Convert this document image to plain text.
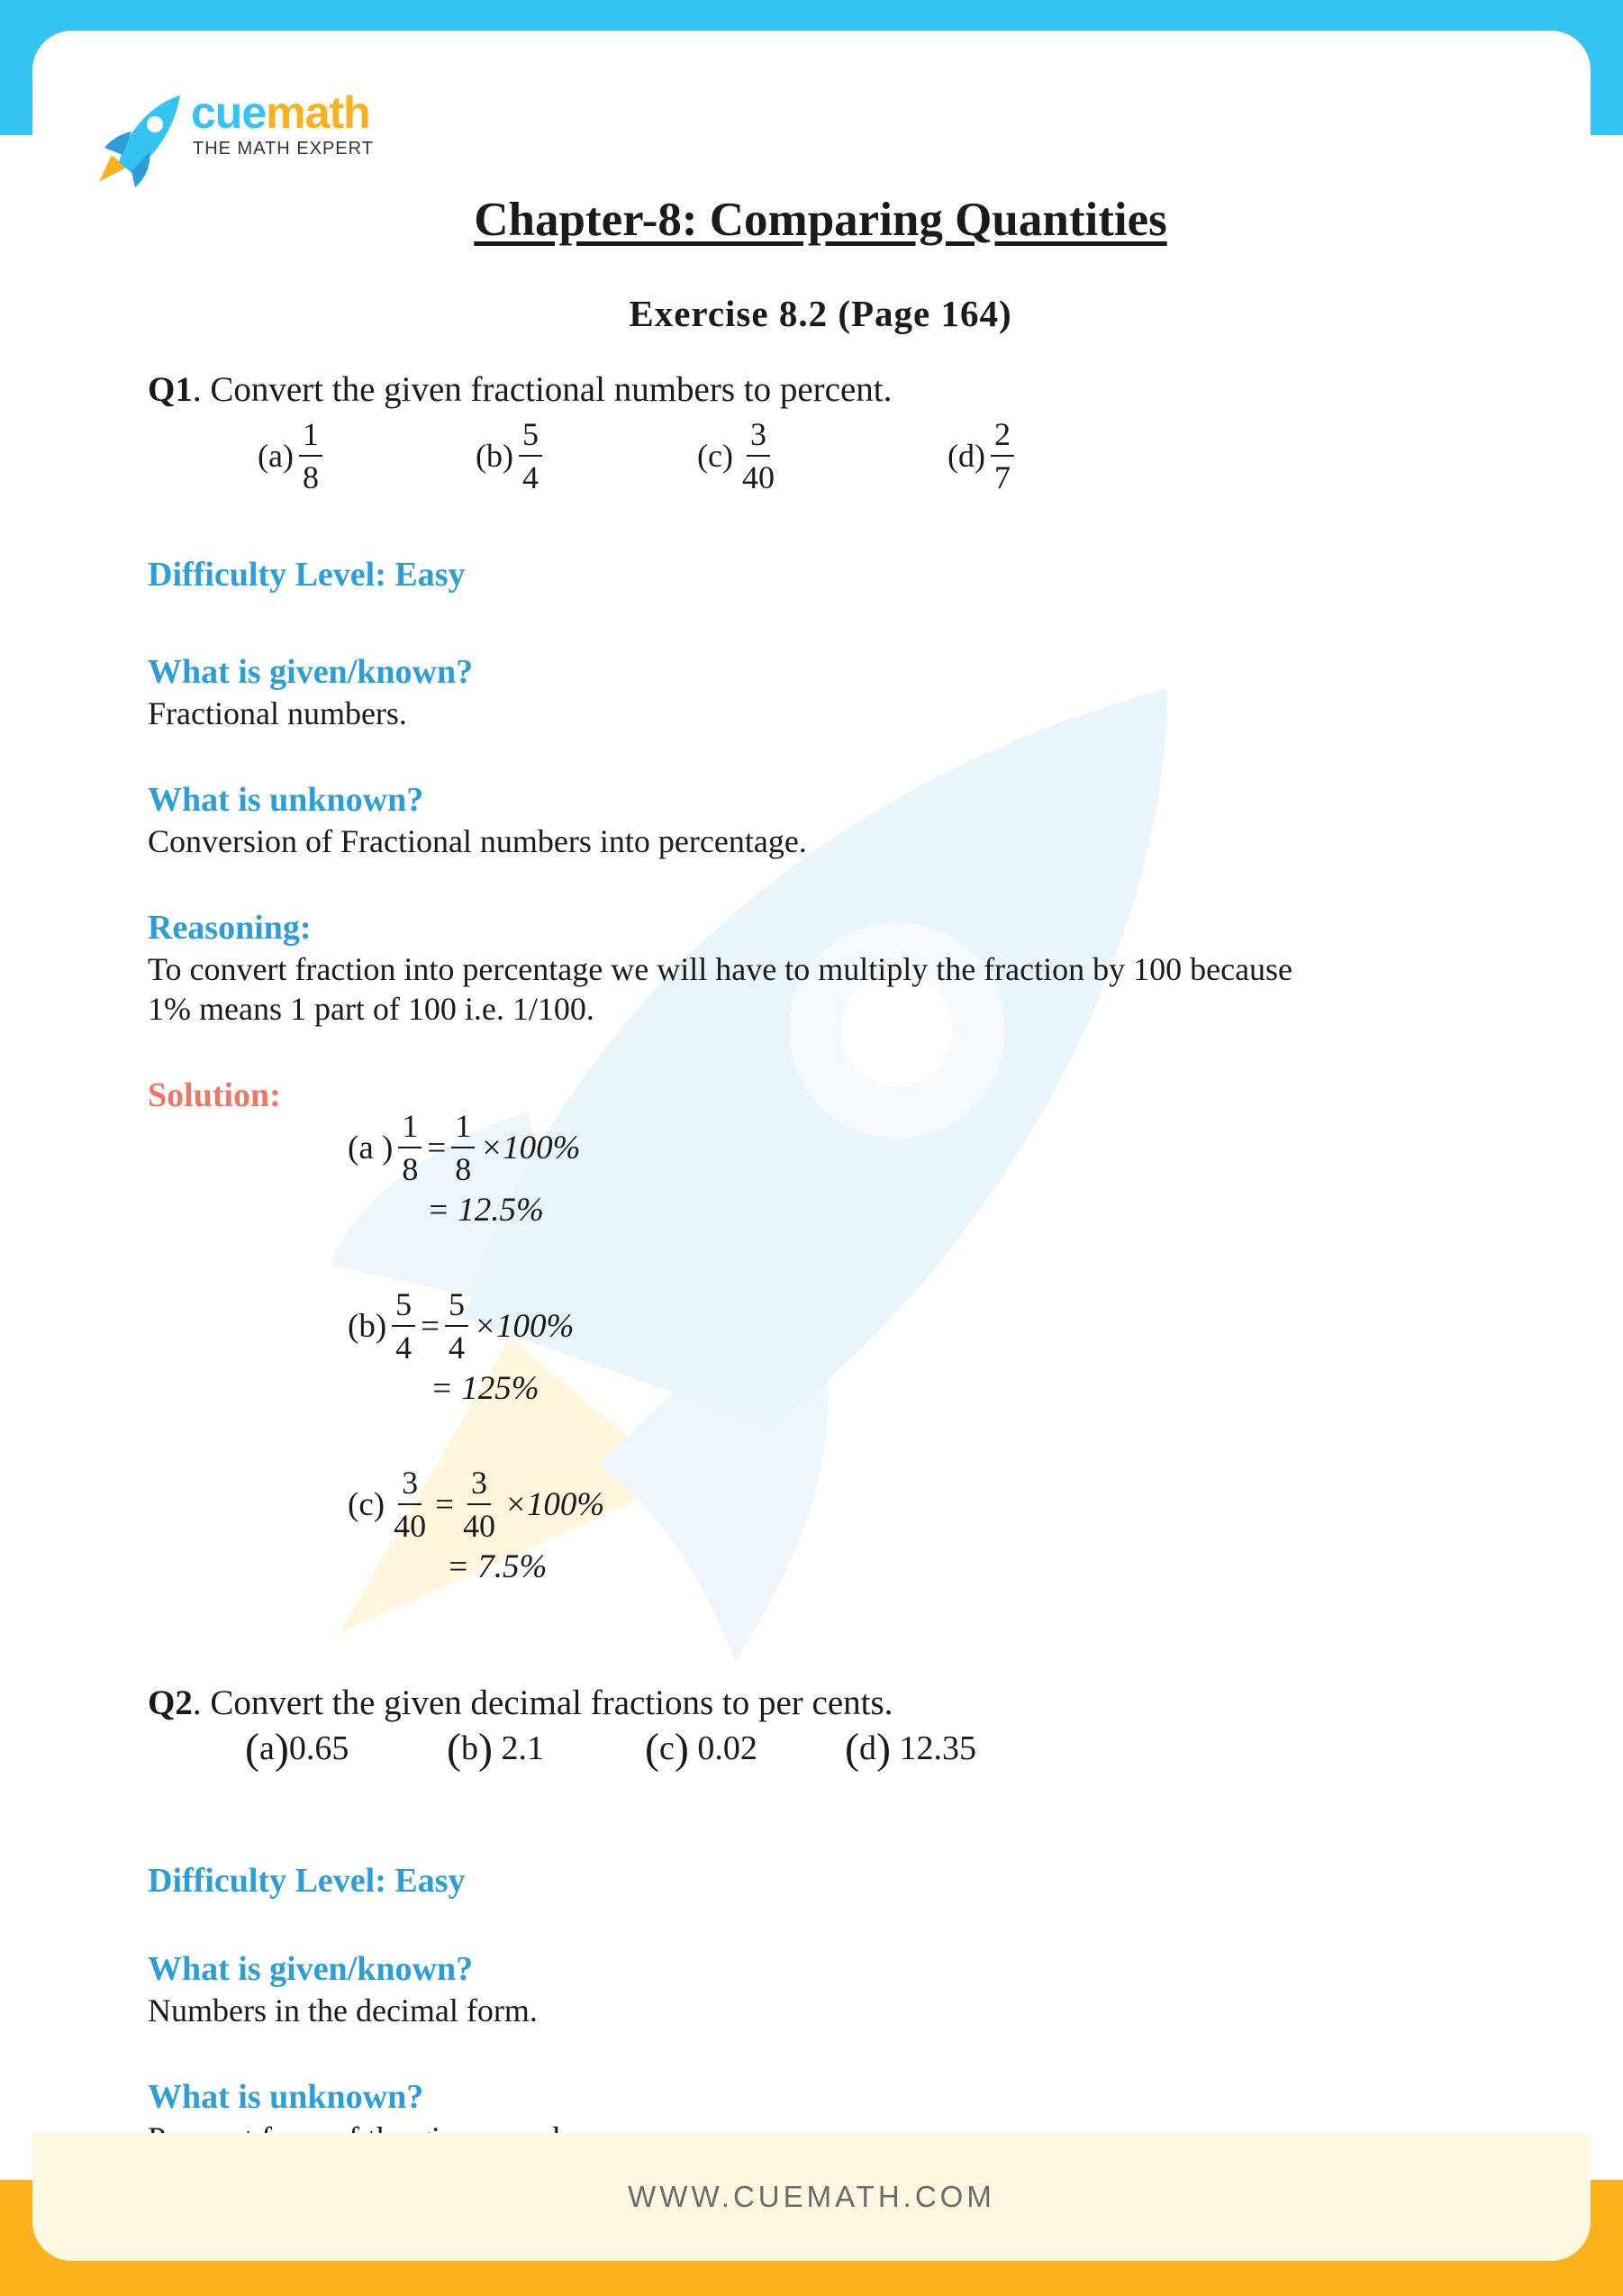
cuemath
THE MATH EXPERT
Chapter-8: Comparing Quantities
Exercise 8.2 (Page 164)
Q1. Convert the given fractional numbers to percent.
$(a) \frac{1}{8}$	$(b) \frac{5}{4}$	$(c) \frac{3}{40}$	$(d) \frac{2}{7}$
Difficulty Level: Easy
What is given/known?
Fractional numbers.
What is unknown?
Conversion of Fractional numbers into percentage.
Reasoning:
To convert fraction into percentage we will have to multiply the fraction by 100 because
1% means 1 part of 100 i.e. 1/100.
Solution:
(a ) $\frac{1}{8} = \frac{1}{8} \times 100\%$
= 12.5%
$(b) \frac{5}{4} = \frac{5}{4} \times 100\%$
= 125%
$(c) \frac{3}{40} = \frac{3}{40} \times 100\%$
= 7.5%
Q2. Convert the given decimal fractions to per cents.
(a)0.65 (b) 2.1 (c) 0.02 (d) 12.35
Difficulty Level: Easy
What is given/known?
Numbers in the decimal form.
What is unknown?
WWW.CUEMATH.COM
